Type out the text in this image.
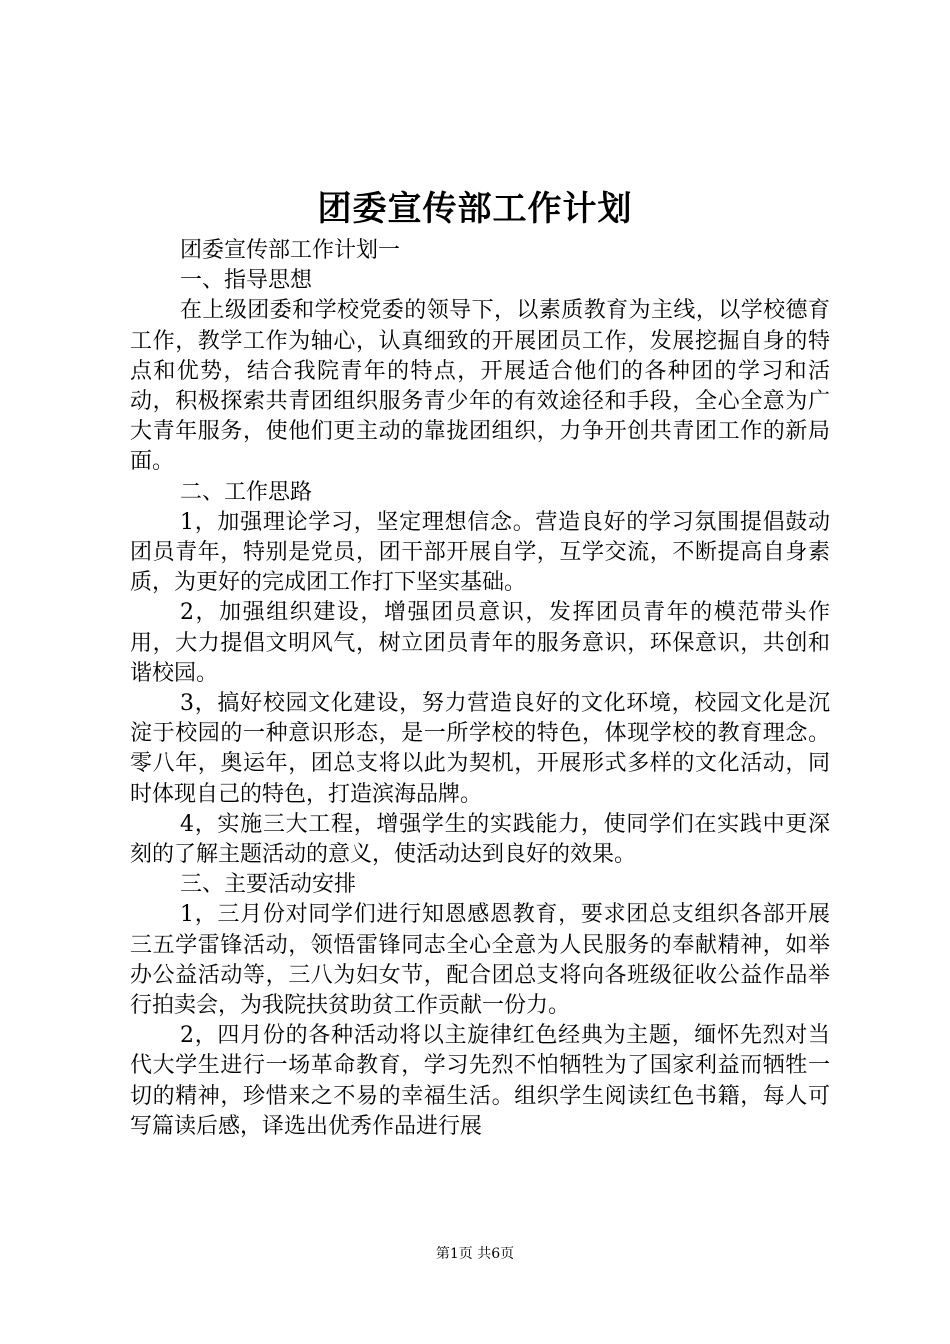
团委宣传部工作计划

团委宣传部工作计划一

一、指导思想

在上级团委和学校党委的领导下，以素质教育为主线，以学校德育工作，教学工作为轴心，认真细致的开展团员工作，发展挖掘自身的特点和优势，结合我院青年的特点，开展适合他们的各种团的学习和活动，积极探索共青团组织服务青少年的有效途径和手段，全心全意为广大青年服务，使他们更主动的靠拢团组织，力争开创共青团工作的新局面。

二、工作思路

1，加强理论学习，坚定理想信念。营造良好的学习氛围提倡鼓动团员青年，特别是党员，团干部开展自学，互学交流，不断提高自身素质，为更好的完成团工作打下坚实基础。

2，加强组织建设，增强团员意识，发挥团员青年的模范带头作用，大力提倡文明风气，树立团员青年的服务意识，环保意识，共创和谐校园。

3，搞好校园文化建设，努力营造良好的文化环境，校园文化是沉淀于校园的一种意识形态，是一所学校的特色，体现学校的教育理念。零八年，奥运年，团总支将以此为契机，开展形式多样的文化活动，同时体现自己的特色，打造滨海品牌。

4，实施三大工程，增强学生的实践能力，使同学们在实践中更深刻的了解主题活动的意义，使活动达到良好的效果。

三、主要活动安排

1，三月份对同学们进行知恩感恩教育，要求团总支组织各部开展三五学雷锋活动，领悟雷锋同志全心全意为人民服务的奉献精神，如举办公益活动等，三八为妇女节，配合团总支将向各班级征收公益作品举行拍卖会，为我院扶贫助贫工作贡献一份力。

2，四月份的各种活动将以主旋律红色经典为主题，缅怀先烈对当代大学生进行一场革命教育，学习先烈不怕牺牲为了国家利益而牺牲一切的精神，珍惜来之不易的幸福生活。组织学生阅读红色书籍，每人可写篇读后感，译选出优秀作品进行展

第1页 共6页
